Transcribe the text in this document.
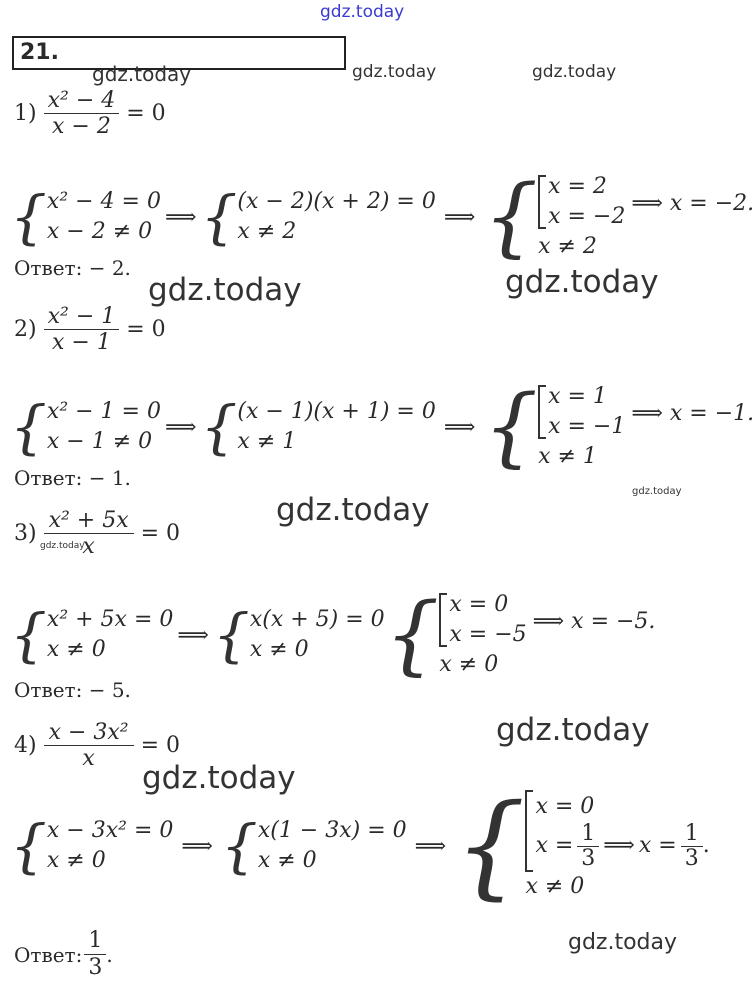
21.
gdz.today
gdz.today	gdz.today	gdz.today
gdz.today	gdz.today
gdz.today
gdz.today
gdz.today
gdz.today
gdz.today
gdz.today
1)
$\frac{\text{x² − 4}}{x - 2}$
= 0
{ x² − 4 = 0
x − 2 ≠ 0
⟹ { (x − 2)(x + 2) = 0
x ≠ 2
⟹ { x = 2
x = −2
x ≠ 2
⟹ x = −2.
Ответ: − 2.
2)
$\frac{\text{x² − 1}}{x - 1}$
= 0
{ x² − 1 = 0
x − 1 ≠ 0
⟹ { (x − 1)(x + 1) = 0
x ≠ 1
⟹ { x = 1
x = −1
x ≠ 1
⟹ x = −1.
Ответ: − 1.
3)
$\frac{\text{x² + 5x}}{x}$
= 0
{ x² + 5x = 0
x ≠ 0
⟹ { x(x + 5) = 0
x ≠ 0 { x = 0
x = −5
x ≠ 0
⟹ x = −5.
Ответ: − 5.
4)
$\frac{\text{x − 3x²}}{x}$
= 0
{ x − 3x² = 0
x ≠ 0
⟹ { x(1 − 3x) = 0
x ≠ 0
⟹ { x = 0
$x = \frac{1}{3}$ ⟹ $x = \frac{1}{3}$ .
x ≠ 0
Ответ: $\frac{1}{3}$ .
